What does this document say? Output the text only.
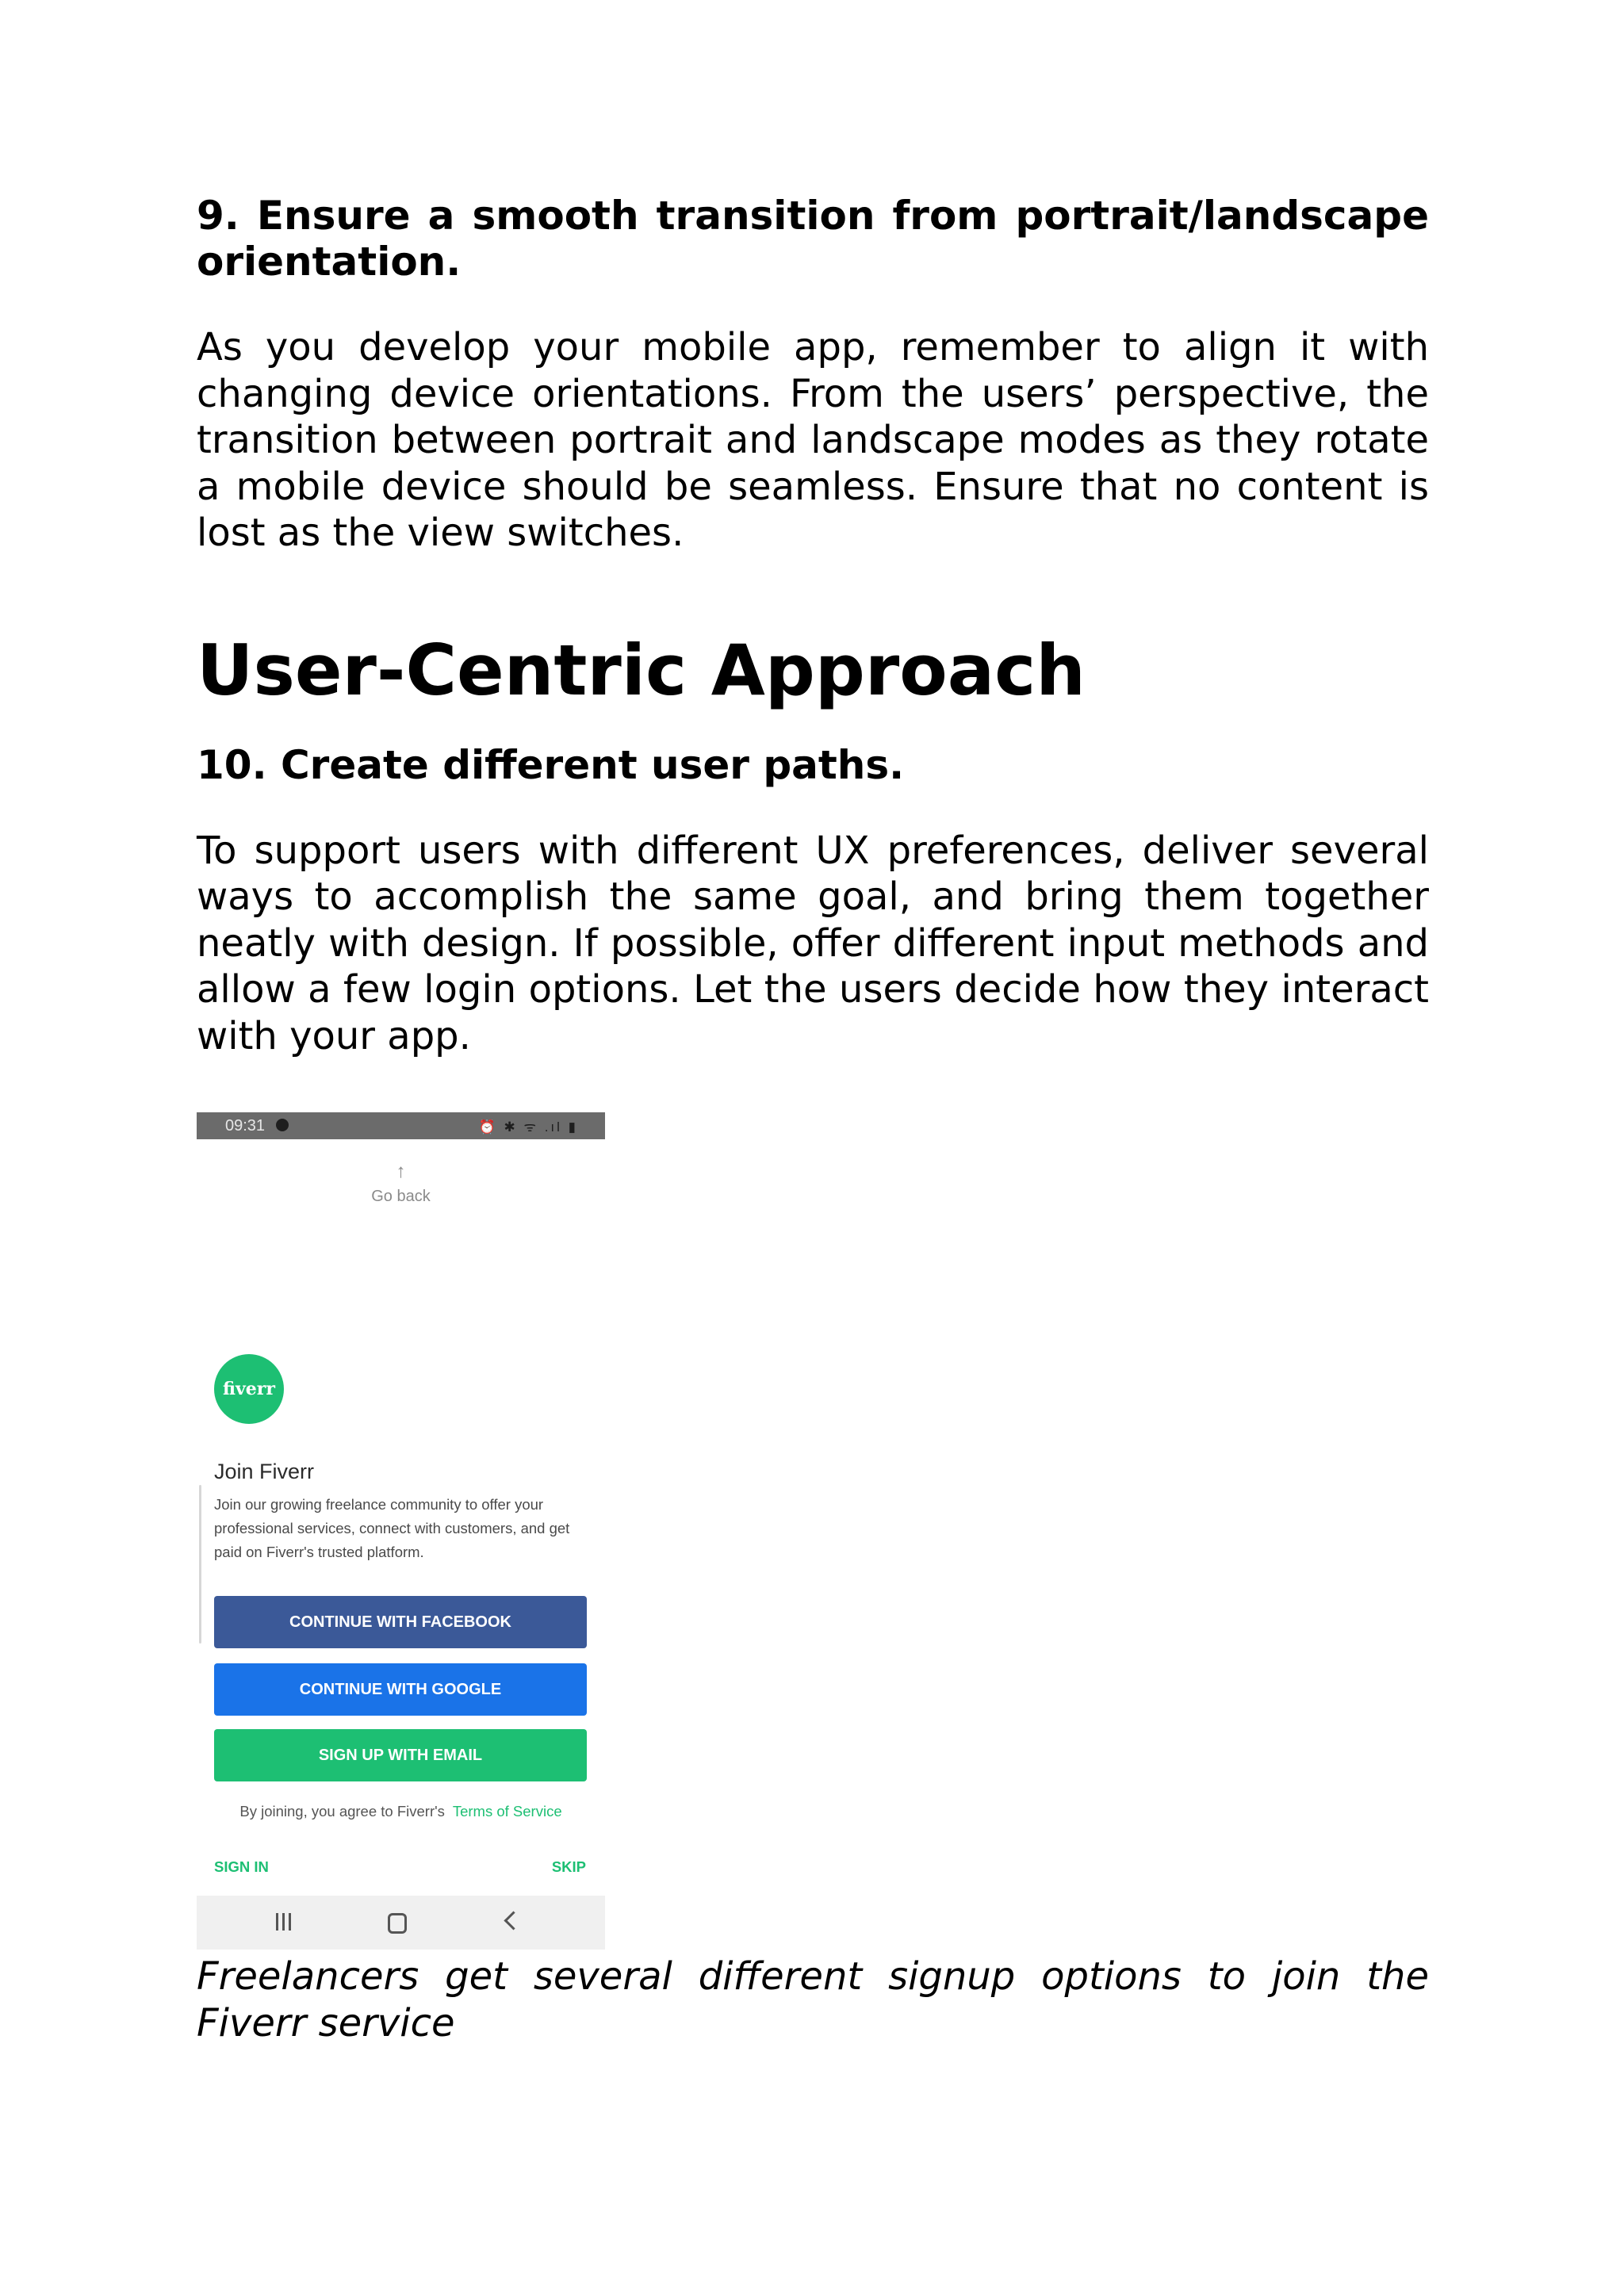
9. Ensure a smooth transition from portrait/landscape orientation.

As you develop your mobile app, remember to align it with changing device orientations. From the users’ perspective, the transition between portrait and landscape modes as they rotate a mobile device should be seamless. Ensure that no content is lost as the view switches.

User-Centric Approach
10. Create different user paths.

To support users with different UX preferences, deliver several ways to accomplish the same goal, and bring them together neatly with design. If possible, offer different input methods and allow a few login options. Let the users decide how they interact with your app.

09:31	⏰ ✱ ᯤ .ıl ▮
↑
Go back
fiverr
Join Fiverr
Join our growing freelance community to offer your professional services, connect with customers, and get paid on Fiverr's trusted platform.
CONTINUE WITH FACEBOOK
CONTINUE WITH GOOGLE
SIGN UP WITH EMAIL
By joining, you agree to Fiverr's Terms of Service
SIGN IN	SKIP

Freelancers get several different signup options to join the Fiverr service
